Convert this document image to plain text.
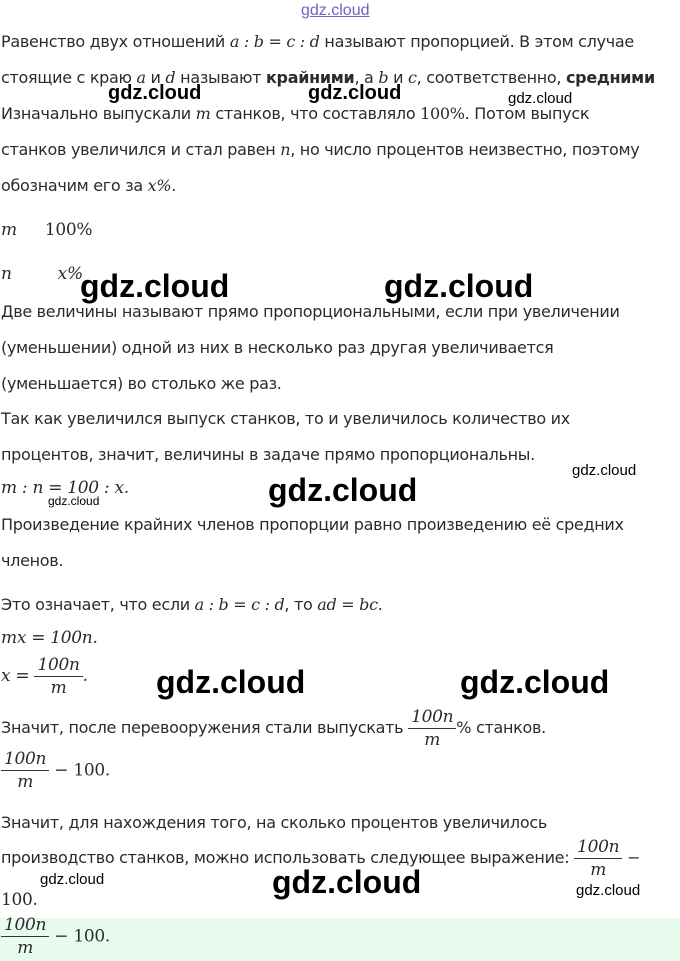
gdz.cloud
Равенство двух отношений a : b = c : d называют пропорцией. В этом случае
стоящие с краю a и d называют крайними, а b и c, соответственно, средними
Изначально выпускали m станков, что составляло 100%. Потом выпуск
станков увеличился и стал равен n, но число процентов неизвестно, поэтому
обозначим его за x%.
m 100%
n	x%
Две величины называют прямо пропорциональными, если при увеличении
(уменьшении) одной из них в несколько раз другая увеличивается
(уменьшается) во столько же раз.
Так как увеличился выпуск станков, то и увеличилось количество их
процентов, значит, величины в задаче прямо пропорциональны.
m : n = 100 : x.
Произведение крайних членов пропорции равно произведению её средних
членов.
Это означает, что если a : b = c : d, то ad = bc.
mx = 100n.
$x = \frac{100n}{m}$ .
Значит, после перевооружения стали выпускать $\frac{100n}{m}$ % станков.
$\frac{100n}{m} - 100$.
Значит, для нахождения того, на сколько процентов увеличилось
производство станков, можно использовать следующее выражение: $\frac{100n}{m}$ −
100.
$\frac{100n}{m} - 100$.
gdz.cloud	gdz.cloud	gdz.cloud
gdz.cloud	gdz.cloud
gdz.cloud
gdz.cloud	gdz.cloud
gdz.cloud	gdz.cloud
gdz.cloud	gdz.cloud	gdz.cloud
